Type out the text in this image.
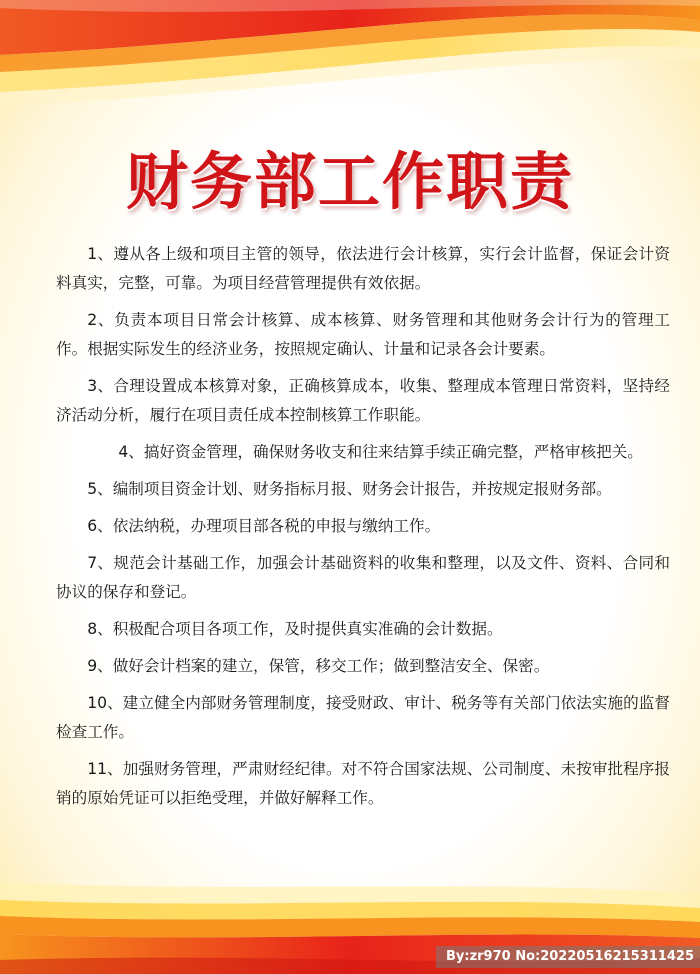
财务部工作职责

1、遵从各上级和项目主管的领导，依法进行会计核算，实行会计监督，保证会计资料真实，完整，可靠。为项目经营管理提供有效依据。

2、负责本项目日常会计核算、成本核算、财务管理和其他财务会计行为的管理工作。根据实际发生的经济业务，按照规定确认、计量和记录各会计要素。

3、合理设置成本核算对象，正确核算成本，收集、整理成本管理日常资料，坚持经济活动分析，履行在项目责任成本控制核算工作职能。

4、搞好资金管理，确保财务收支和往来结算手续正确完整，严格审核把关。

5、编制项目资金计划、财务指标月报、财务会计报告，并按规定报财务部。

6、依法纳税，办理项目部各税的申报与缴纳工作。

7、规范会计基础工作，加强会计基础资料的收集和整理，以及文件、资料、合同和协议的保存和登记。

8、积极配合项目各项工作，及时提供真实准确的会计数据。

9、做好会计档案的建立，保管，移交工作；做到整洁安全、保密。

10、建立健全内部财务管理制度，接受财政、审计、税务等有关部门依法实施的监督检查工作。

11、加强财务管理，严肃财经纪律。对不符合国家法规、公司制度、未按审批程序报销的原始凭证可以拒绝受理，并做好解释工作。

By:zr970 No:20220516215311425
